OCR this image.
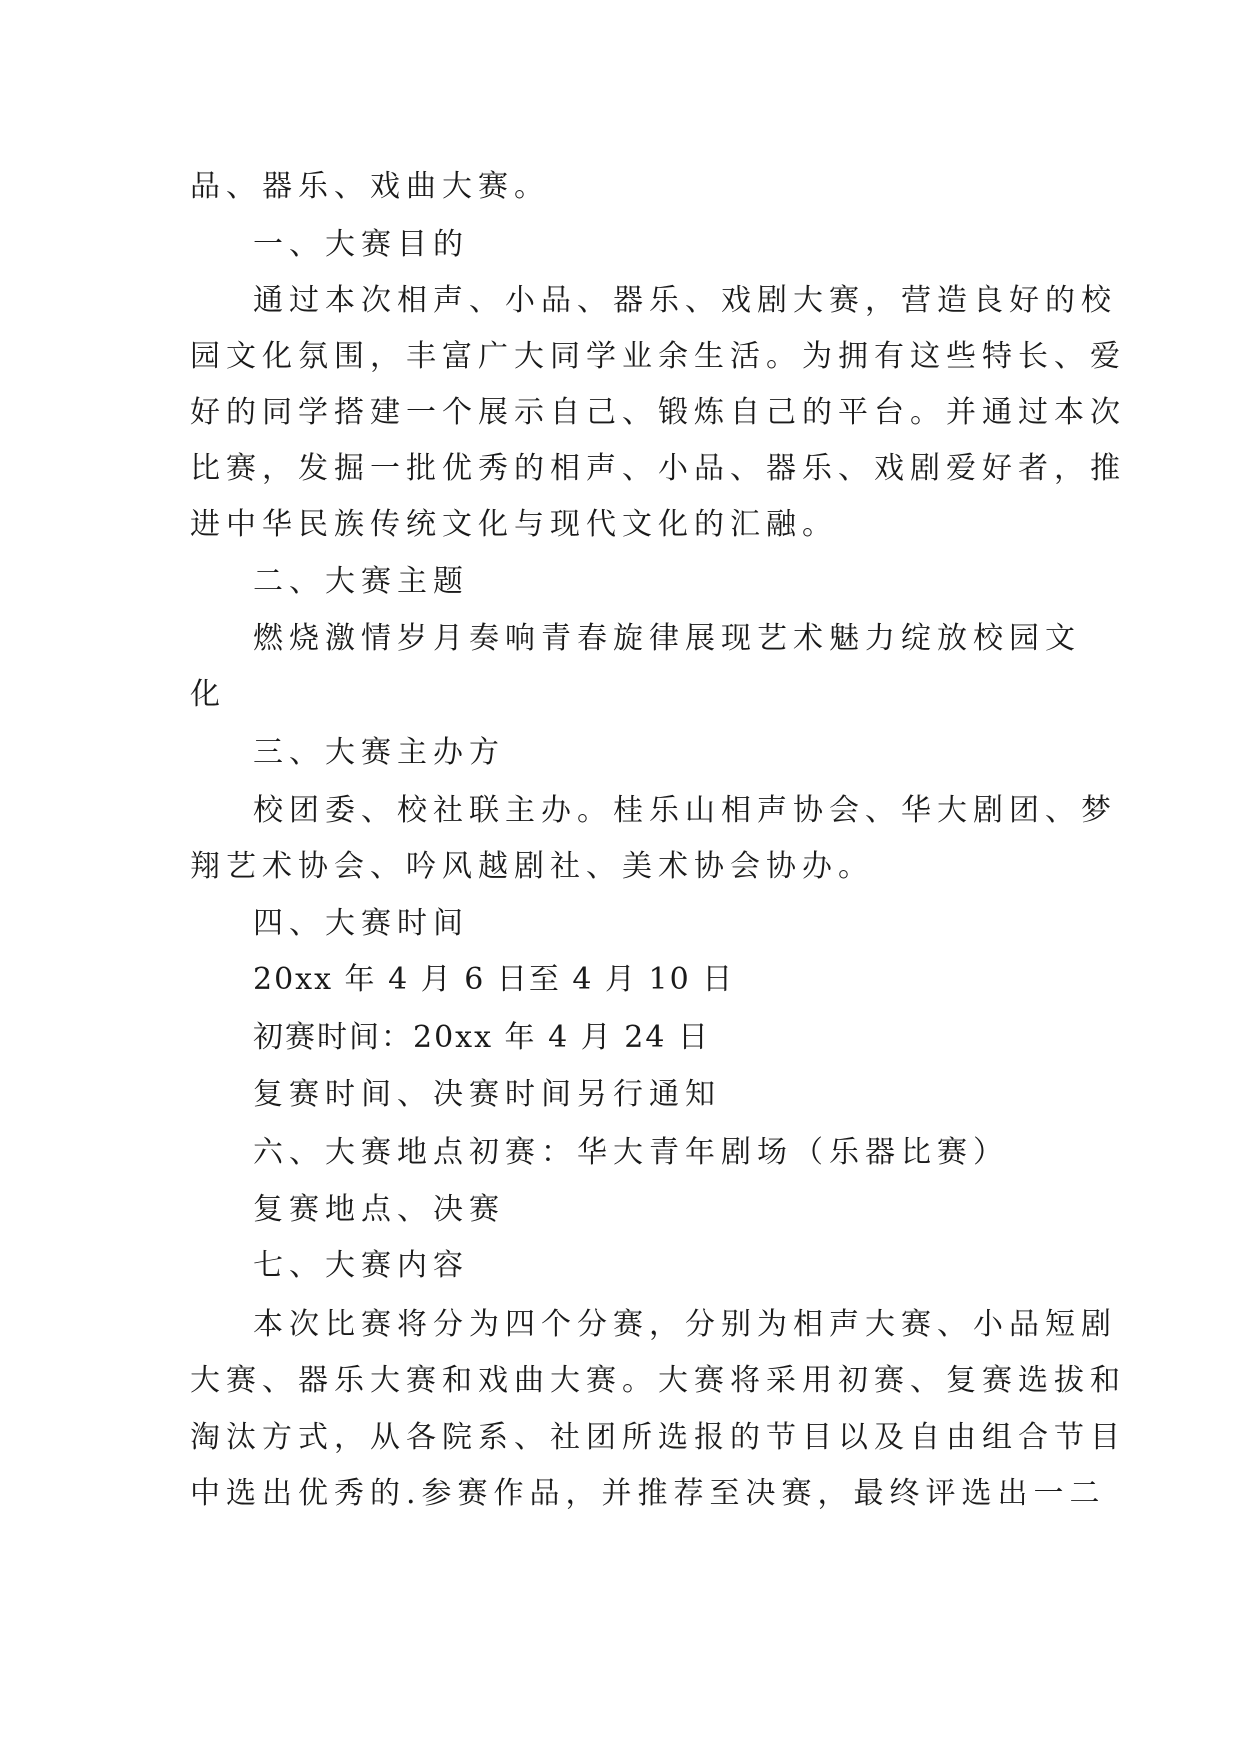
品、器乐、戏曲大赛。
一、大赛目的
通过本次相声、小品、器乐、戏剧大赛，营造良好的校
园文化氛围，丰富广大同学业余生活。为拥有这些特长、爱
好的同学搭建一个展示自己、锻炼自己的平台。并通过本次
比赛，发掘一批优秀的相声、小品、器乐、戏剧爱好者，推
进中华民族传统文化与现代文化的汇融。
二、大赛主题
燃烧激情岁月奏响青春旋律展现艺术魅力绽放校园文
化
三、大赛主办方
校团委、校社联主办。桂乐山相声协会、华大剧团、梦
翔艺术协会、吟风越剧社、美术协会协办。
四、大赛时间
20xx 年 4 月 6 日至 4 月 10 日
初赛时间：20xx 年 4 月 24 日
复赛时间、决赛时间另行通知
六、大赛地点初赛：华大青年剧场（乐器比赛）
复赛地点、决赛
七、大赛内容
本次比赛将分为四个分赛，分别为相声大赛、小品短剧
大赛、器乐大赛和戏曲大赛。大赛将采用初赛、复赛选拔和
淘汰方式，从各院系、社团所选报的节目以及自由组合节目
中选出优秀的.参赛作品，并推荐至决赛，最终评选出一二
